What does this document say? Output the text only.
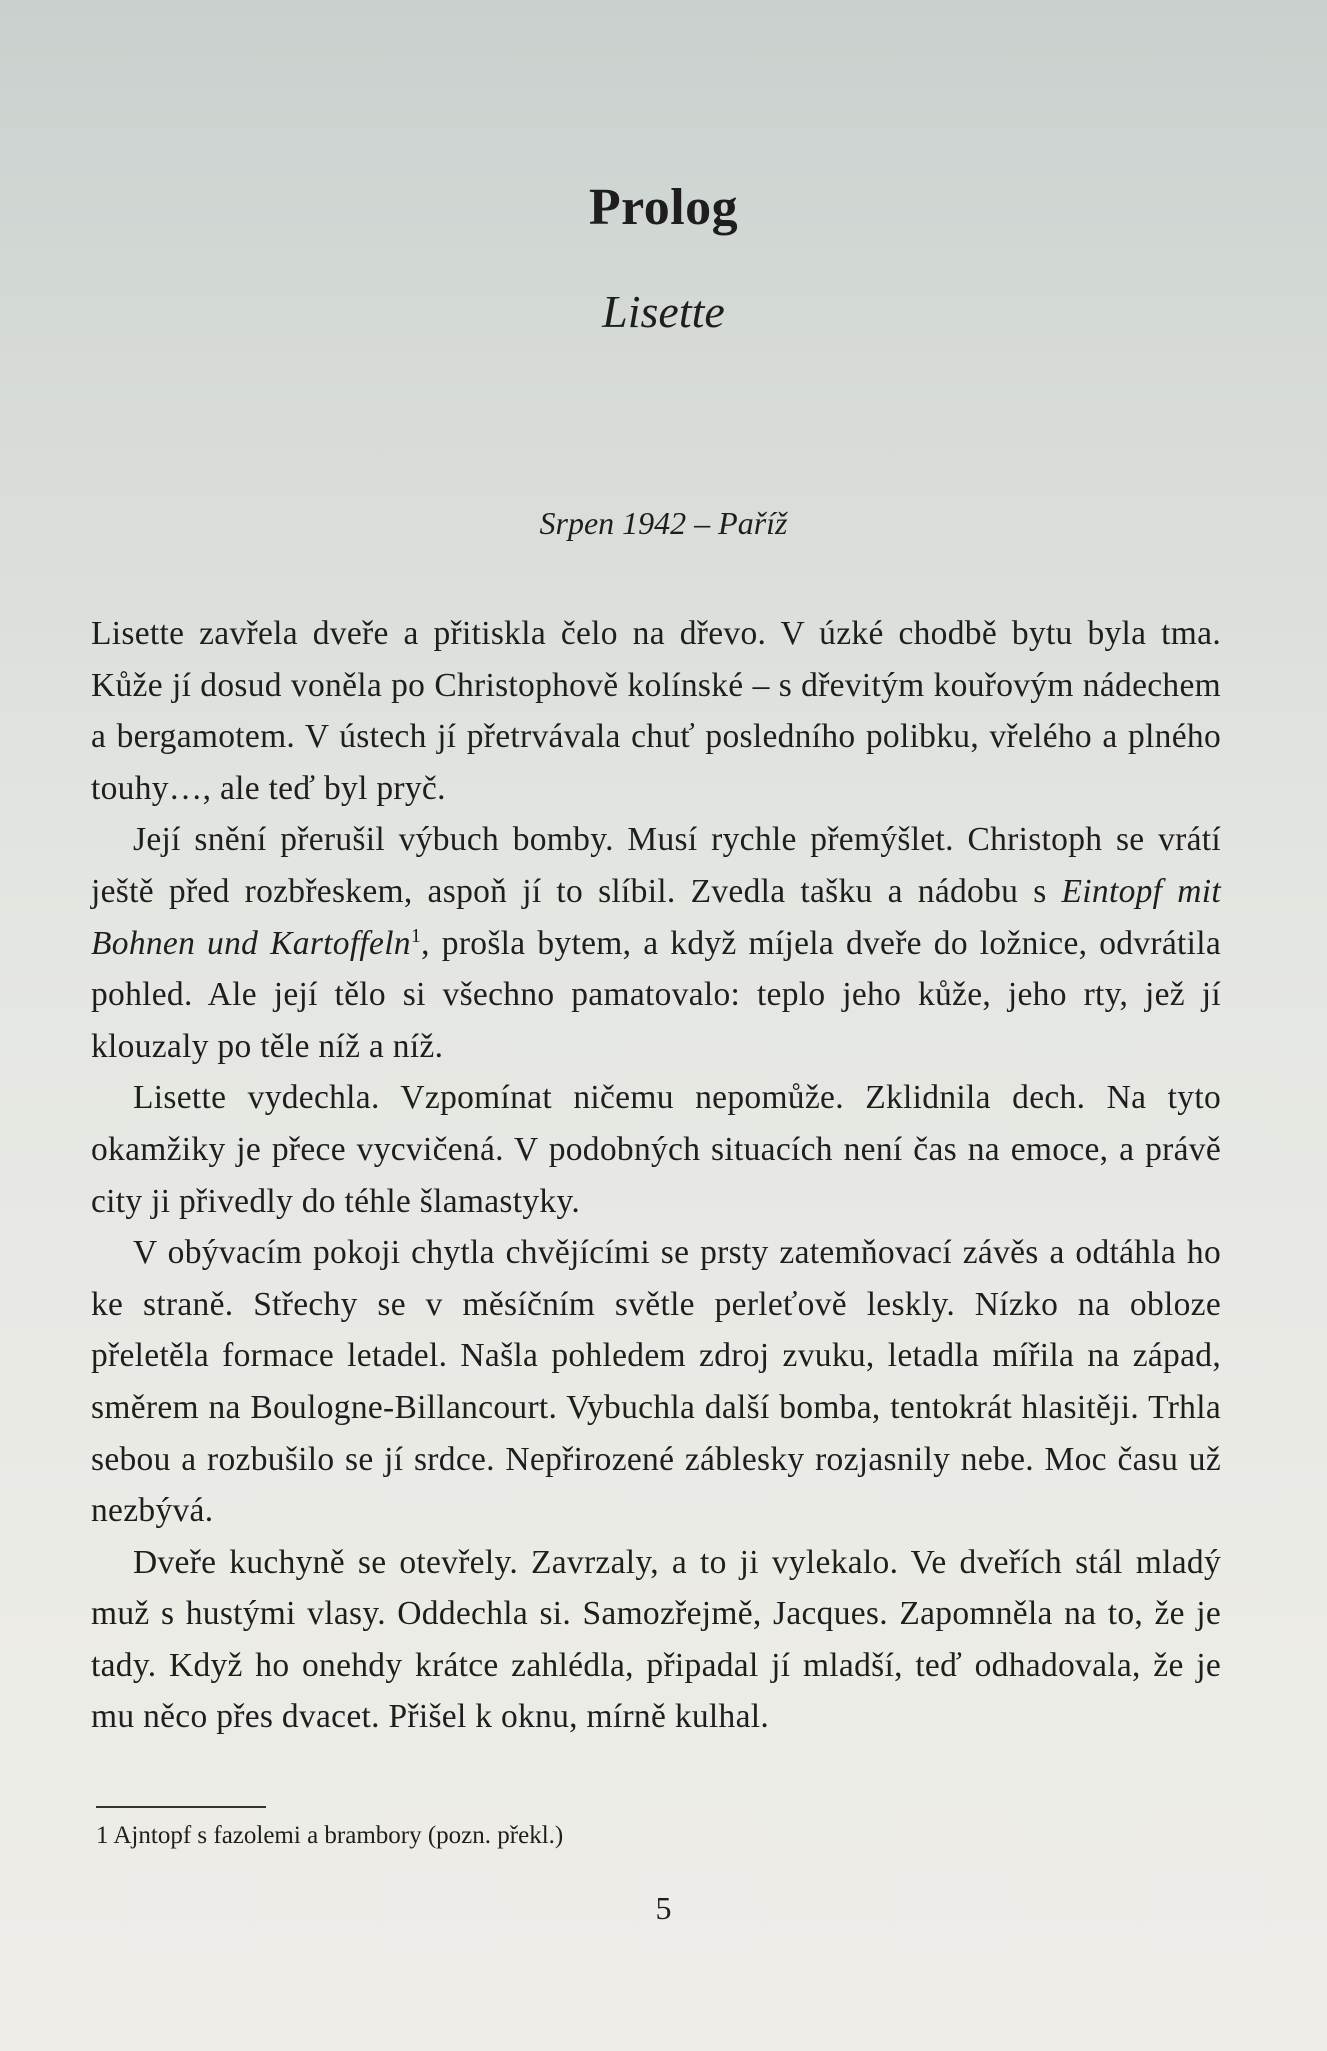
Prolog
Lisette
Srpen 1942 – Paříž

Lisette zavřela dveře a přitiskla čelo na dřevo. V úzké chodbě bytu byla tma. Kůže jí dosud voněla po Christophově kolínské – s dřevitým kouřovým nádechem a bergamotem. V ústech jí přetrvávala chuť posledního polibku, vřelého a plného touhy…, ale teď byl pryč.

Její snění přerušil výbuch bomby. Musí rychle přemýšlet. Christoph se vrátí ještě před rozbřeskem, aspoň jí to slíbil. Zvedla tašku a nádobu s Eintopf mit Bohnen und Kartoffeln$^1$, prošla bytem, a když míjela dveře do ložnice, odvrátila pohled. Ale její tělo si všechno pamatovalo: teplo jeho kůže, jeho rty, jež jí klouzaly po těle níž a níž.

Lisette vydechla. Vzpomínat ničemu nepomůže. Zklidnila dech. Na tyto okamžiky je přece vycvičená. V podobných situacích není čas na emoce, a právě city ji přivedly do téhle šlamastyky.

V obývacím pokoji chytla chvějícími se prsty zatemňovací závěs a odtáhla ho ke straně. Střechy se v měsíčním světle perleťově leskly. Nízko na obloze přeletěla formace letadel. Našla pohledem zdroj zvuku, letadla mířila na západ, směrem na Boulogne-Billancourt. Vybuchla další bomba, tentokrát hlasitěji. Trhla sebou a rozbušilo se jí srdce. Nepřirozené záblesky rozjasnily nebe. Moc času už nezbývá.

Dveře kuchyně se otevřely. Zavrzaly, a to ji vylekalo. Ve dveřích stál mladý muž s hustými vlasy. Oddechla si. Samozřejmě, Jacques. Zapomněla na to, že je tady. Když ho onehdy krátce zahlédla, připadal jí mladší, teď odhadovala, že je mu něco přes dvacet. Přišel k oknu, mírně kulhal.

1 Ajntopf s fazolemi a brambory (pozn. překl.)
5
